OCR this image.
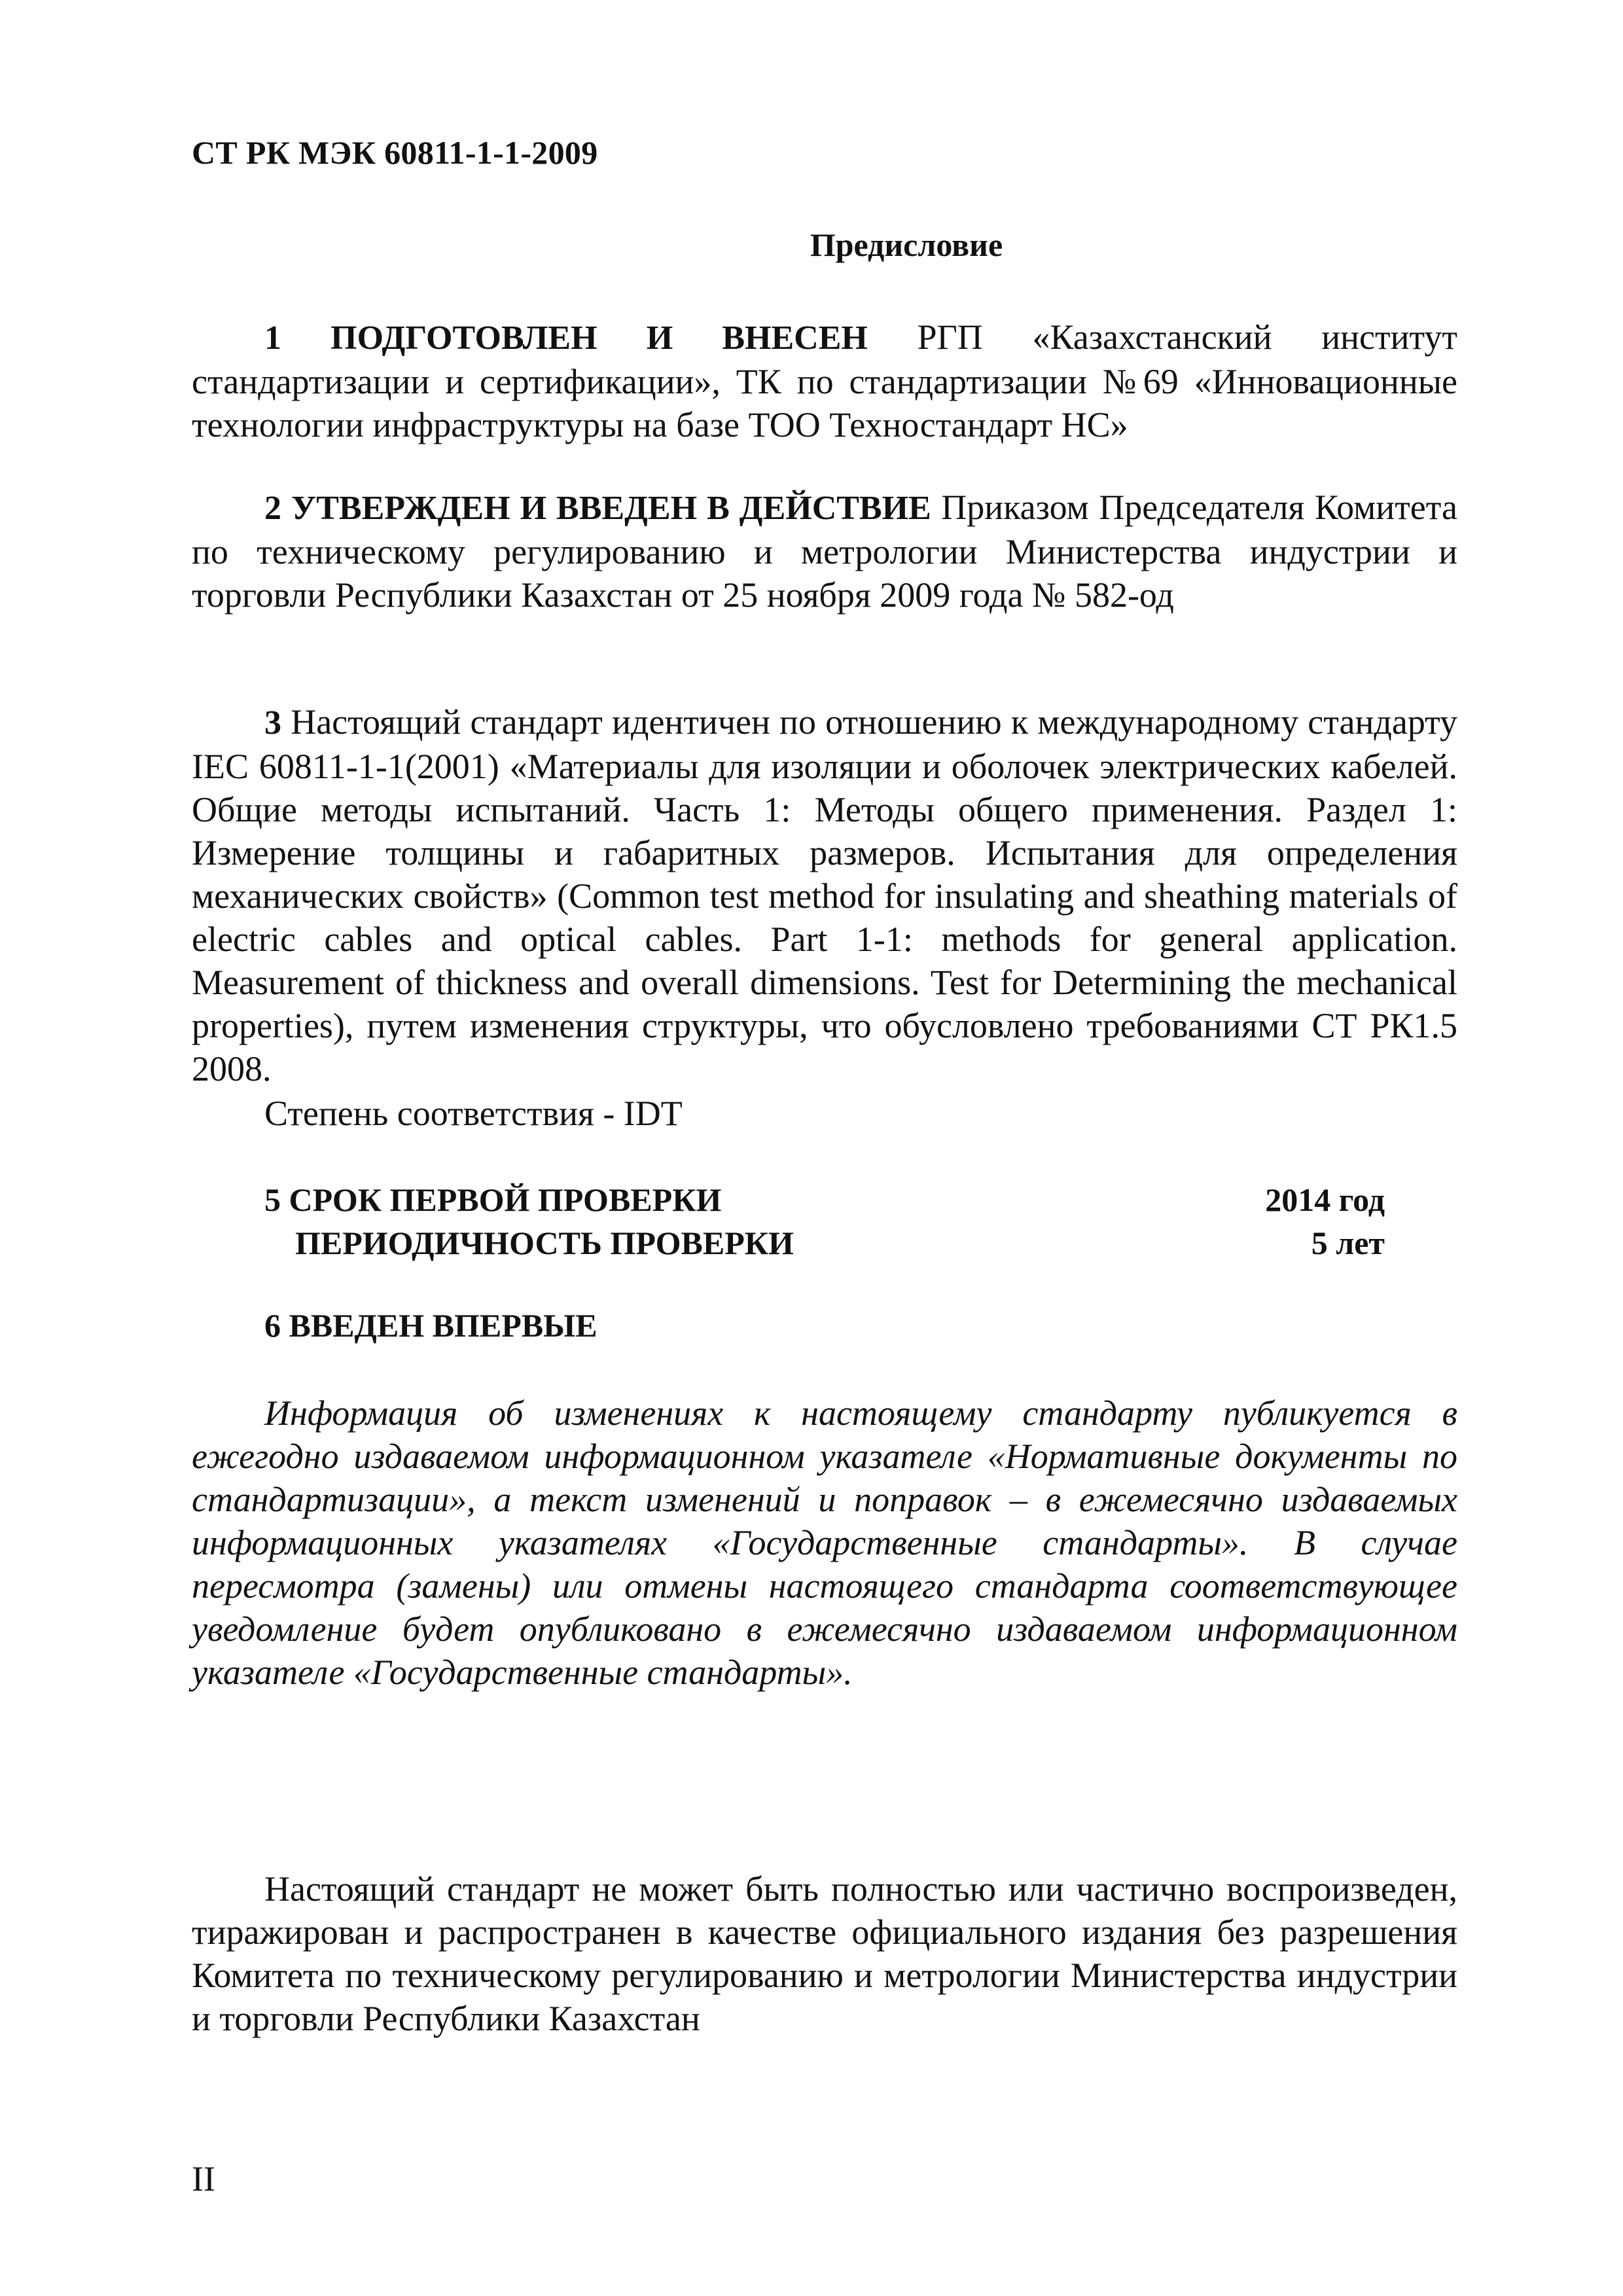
СТ РК МЭК 60811-1-1-2009
Предисловие

1 ПОДГОТОВЛЕН И ВНЕСЕН РГП «Казахстанский институт стандартизации и сертификации», ТК по стандартизации №69 «Инновационные технологии инфраструктуры на базе ТОО Техностандарт НС»

2 УТВЕРЖДЕН И ВВЕДЕН В ДЕЙСТВИЕ Приказом Председателя Комитета по техническому регулированию и метрологии Министерства индустрии и торговли Республики Казахстан от 25 ноября 2009 года № 582-од

3 Настоящий стандарт идентичен по отношению к международному стандарту IEC 60811-1-1(2001) «Материалы для изоляции и оболочек электрических кабелей. Общие методы испытаний. Часть 1: Методы общего применения. Раздел 1: Измерение толщины и габаритных размеров. Испытания для определения механических свойств» (Common test method for insulating and sheathing materials of electric cables and optical cables. Part 1-1: methods for general application. Measurement of thickness and overall dimensions. Test for Determining the mechanical properties), путем изменения структуры, что обусловлено требованиями СТ РК1.5 2008.

Степень соответствия - IDT
5 СРОК ПЕРВОЙ ПРОВЕРКИ	2014 год
ПЕРИОДИЧНОСТЬ ПРОВЕРКИ	5 лет
6 ВВЕДЕН ВПЕРВЫЕ

Информация об изменениях к настоящему стандарту публикуется в ежегодно издаваемом информационном указателе «Нормативные документы по стандартизации», а текст изменений и поправок – в ежемесячно издаваемых информационных указателях «Государственные стандарты». В случае пересмотра (замены) или отмены настоящего стандарта соответствующее уведомление будет опубликовано в ежемесячно издаваемом информационном указателе «Государственные стандарты».

Настоящий стандарт не может быть полностью или частично воспроизведен, тиражирован и распространен в качестве официального издания без разрешения Комитета по техническому регулированию и метрологии Министерства индустрии и торговли Республики Казахстан

II
